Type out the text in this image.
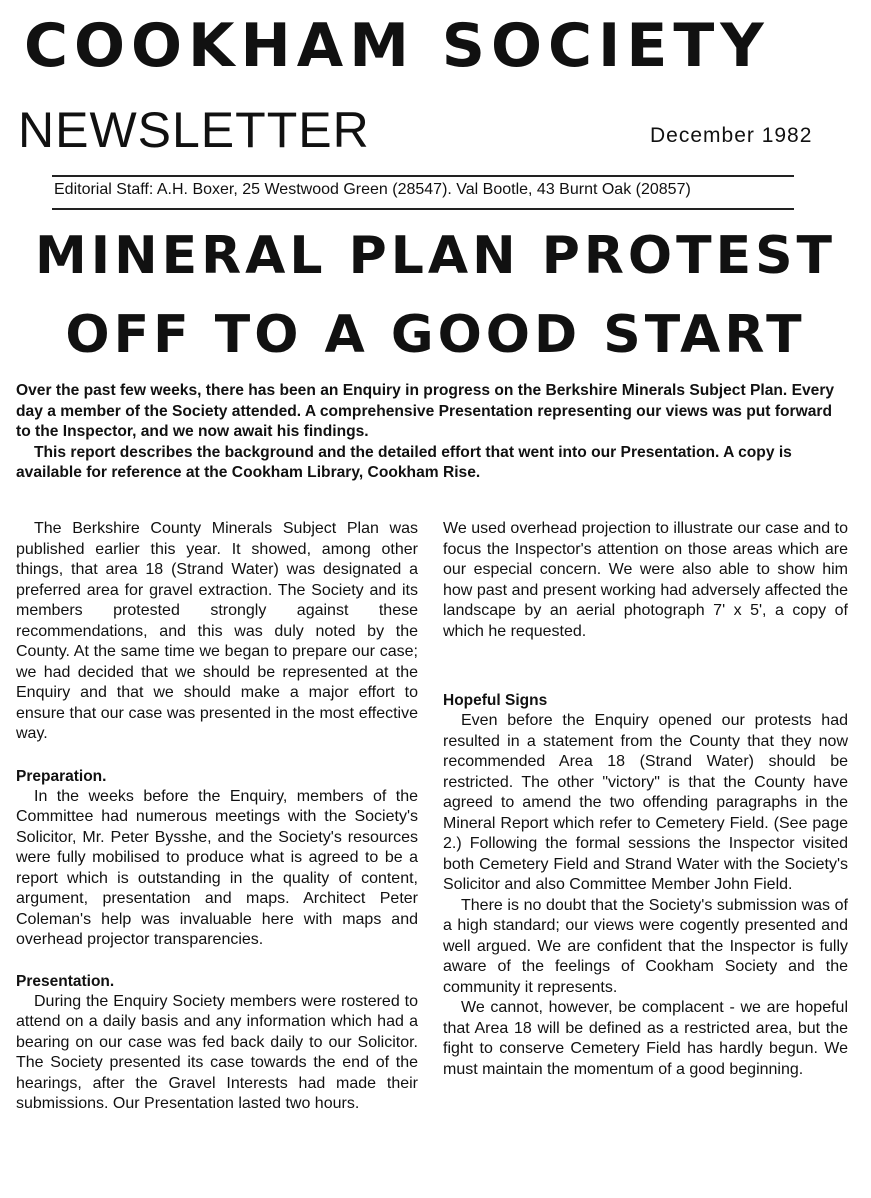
COOKHAM SOCIETY
NEWSLETTER	December 1982
Editorial Staff: A.H. Boxer, 25 Westwood Green (28547). Val Bootle, 43 Burnt Oak (20857)
MINERAL PLAN PROTEST
OFF TO A GOOD START

Over the past few weeks, there has been an Enquiry in progress on the Berkshire Minerals Subject Plan. Every day a member of the Society attended. A comprehensive Presentation representing our views was put forward to the Inspector, and we now await his findings.

This report describes the background and the detailed effort that went into our Presentation. A copy is available for reference at the Cookham Library, Cookham Rise.

The Berkshire County Minerals Subject Plan was published earlier this year. It showed, among other things, that area 18 (Strand Water) was designated a preferred area for gravel extraction. The Society and its members protested strongly against these recommendations, and this was duly noted by the County. At the same time we began to prepare our case; we had decided that we should be represented at the Enquiry and that we should make a major effort to ensure that our case was presented in the most effective way.

Preparation.

In the weeks before the Enquiry, members of the Committee had numerous meetings with the Society's Solicitor, Mr. Peter Bysshe, and the Society's resources were fully mobilised to produce what is agreed to be a report which is outstanding in the quality of content, argument, presentation and maps. Architect Peter Coleman's help was invaluable here with maps and overhead projector transparencies.

Presentation.

During the Enquiry Society members were rostered to attend on a daily basis and any information which had a bearing on our case was fed back daily to our Solicitor. The Society presented its case towards the end of the hearings, after the Gravel Interests had made their submissions. Our Presentation lasted two hours.

We used overhead projection to illustrate our case and to focus the Inspector's attention on those areas which are our especial concern. We were also able to show him how past and present working had adversely affected the landscape by an aerial photograph 7' x 5', a copy of which he requested.

Hopeful Signs

Even before the Enquiry opened our protests had resulted in a statement from the County that they now recommended Area 18 (Strand Water) should be restricted. The other "victory" is that the County have agreed to amend the two offending paragraphs in the Mineral Report which refer to Cemetery Field. (See page 2.) Following the formal sessions the Inspector visited both Cemetery Field and Strand Water with the Society's Solicitor and also Committee Member John Field.

There is no doubt that the Society's submission was of a high standard; our views were cogently presented and well argued. We are confident that the Inspector is fully aware of the feelings of Cookham Society and the community it represents.

We cannot, however, be complacent - we are hopeful that Area 18 will be defined as a restricted area, but the fight to conserve Cemetery Field has hardly begun. We must maintain the momentum of a good beginning.
